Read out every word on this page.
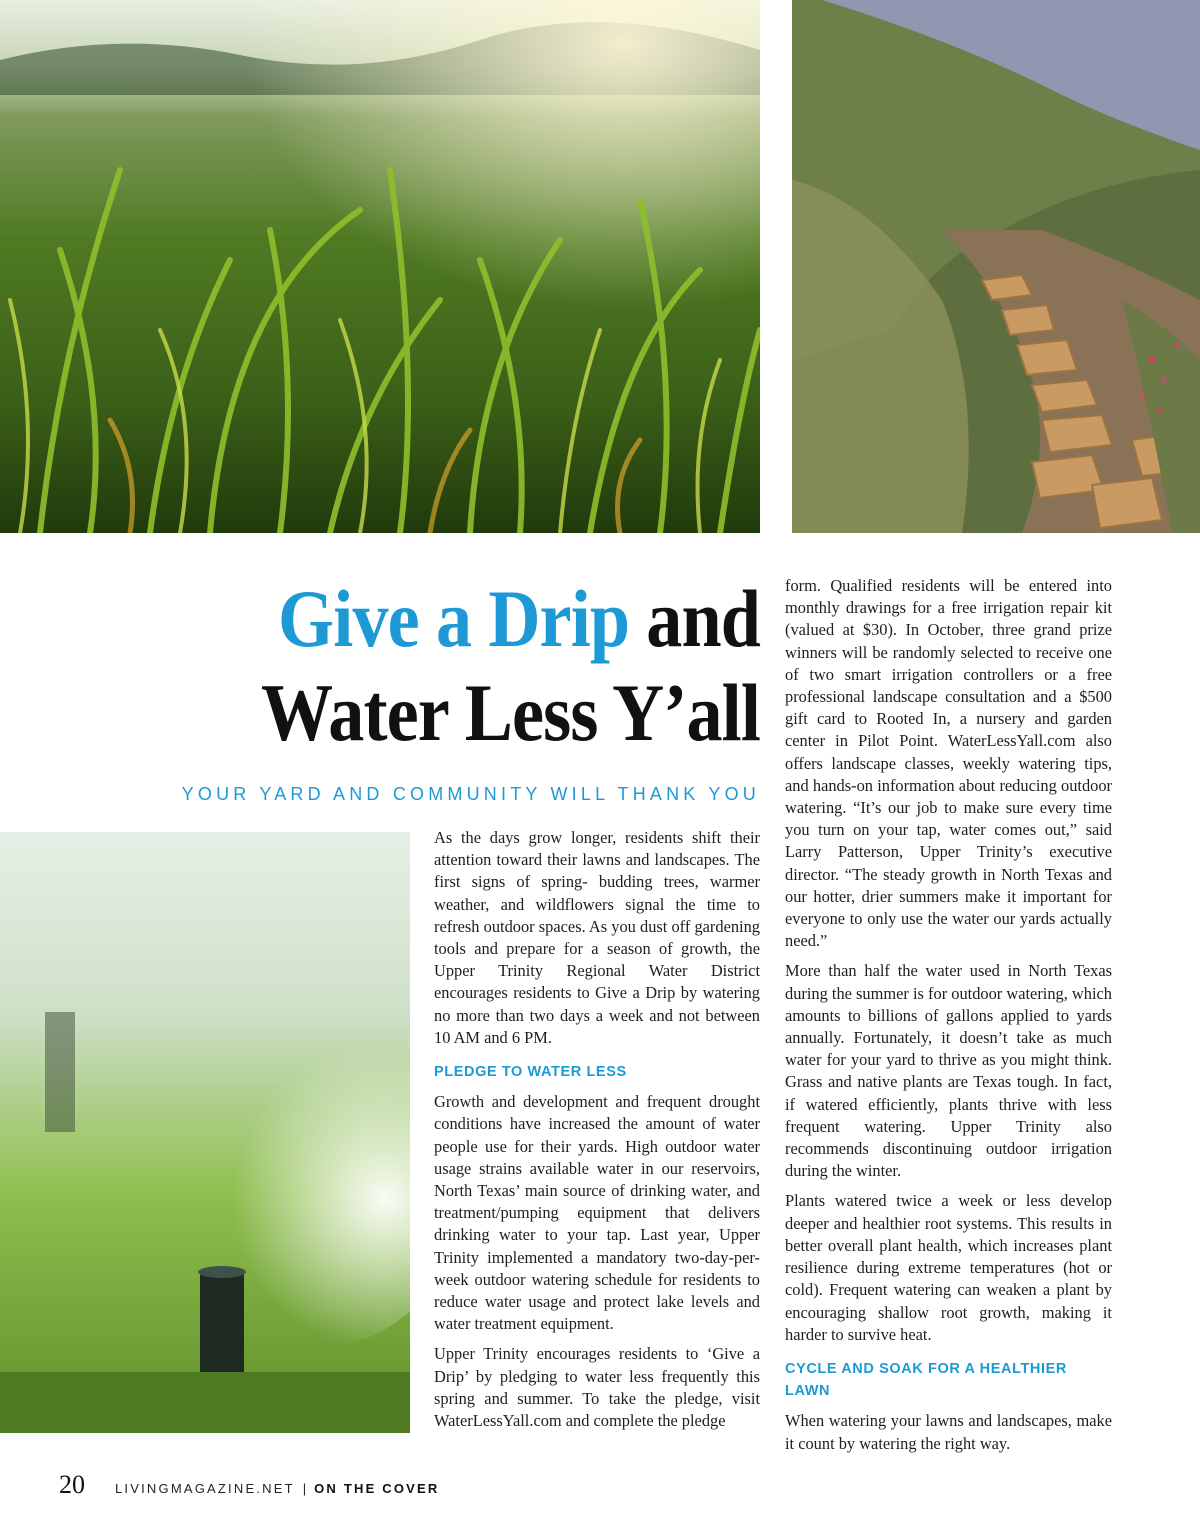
Give a Drip and
Water Less Y’all
YOUR YARD AND COMMUNITY WILL THANK YOU

As the days grow longer, residents shift their attention toward their lawns and landscapes. The first signs of spring- budding trees, warmer weather, and wildflowers signal the time to refresh outdoor spaces. As you dust off gardening tools and prepare for a season of growth, the Upper Trinity Regional Water District encourages residents to Give a Drip by watering no more than two days a week and not between 10 AM and 6 PM.

PLEDGE TO WATER LESS

Growth and development and frequent drought conditions have increased the amount of water people use for their yards. High outdoor water usage strains available water in our reservoirs, North Texas’ main source of drinking water, and treatment/pumping equipment that delivers drinking water to your tap. Last year, Upper Trinity implemented a mandatory two-day-per-week outdoor watering schedule for residents to reduce water usage and protect lake levels and water treatment equipment.

Upper Trinity encourages residents to ‘Give a Drip’ by pledging to water less frequently this spring and summer. To take the pledge, visit WaterLessYall.com and complete the pledge

form. Qualified residents will be entered into monthly drawings for a free irrigation repair kit (valued at $30). In October, three grand prize winners will be randomly selected to receive one of two smart irrigation controllers or a free professional landscape consultation and a $500 gift card to Rooted In, a nursery and garden center in Pilot Point. WaterLessYall.com also offers landscape classes, weekly watering tips, and hands-on information about reducing outdoor watering. “It’s our job to make sure every time you turn on your tap, water comes out,” said Larry Patterson, Upper Trinity’s executive director. “The steady growth in North Texas and our hotter, drier summers make it important for everyone to only use the water our yards actually need.”

More than half the water used in North Texas during the summer is for outdoor watering, which amounts to billions of gallons applied to yards annually. Fortunately, it doesn’t take as much water for your yard to thrive as you might think. Grass and native plants are Texas tough. In fact, if watered efficiently, plants thrive with less frequent watering. Upper Trinity also recommends discontinuing outdoor irrigation during the winter.

Plants watered twice a week or less develop deeper and healthier root systems. This results in better overall plant health, which increases plant resilience during extreme temperatures (hot or cold). Frequent watering can weaken a plant by encouraging shallow root growth, making it harder to survive heat.

CYCLE AND SOAK FOR A HEALTHIER LAWN

When watering your lawns and landscapes, make it count by watering the right way.

20 LIVINGMAGAZINE.NET | ON THE COVER
